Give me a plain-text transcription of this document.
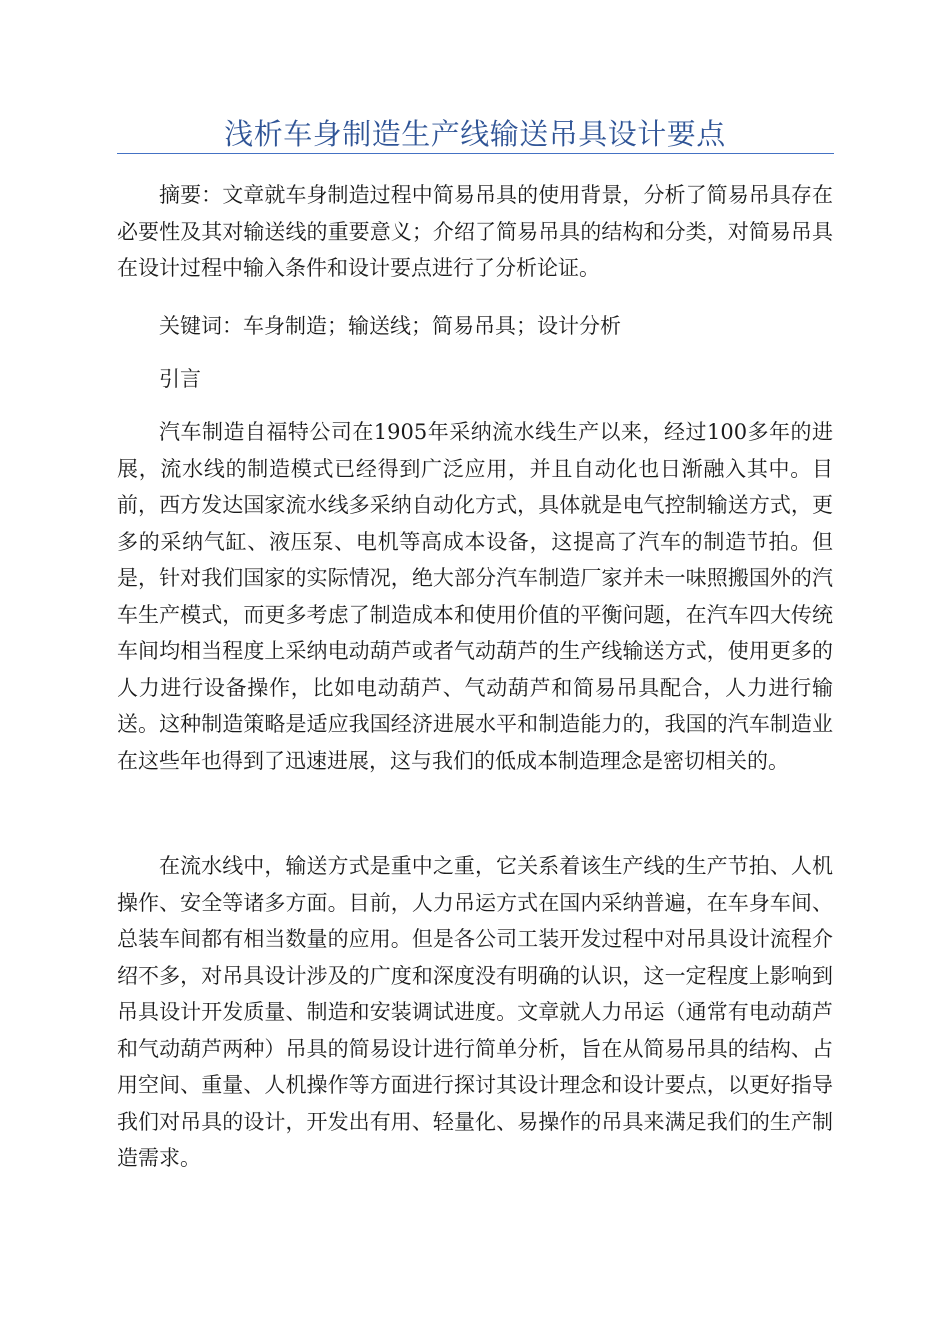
浅析车身制造生产线输送吊具设计要点

摘要：文章就车身制造过程中简易吊具的使用背景，分析了简易吊具存在必要性及其对输送线的重要意义；介绍了简易吊具的结构和分类，对简易吊具在设计过程中输入条件和设计要点进行了分析论证。

关键词：车身制造；输送线；简易吊具；设计分析

引言

汽车制造自福特公司在1905年采纳流水线生产以来，经过100多年的进展，流水线的制造模式已经得到广泛应用，并且自动化也日渐融入其中。目前，西方发达国家流水线多采纳自动化方式，具体就是电气控制输送方式，更多的采纳气缸、液压泵、电机等高成本设备，这提高了汽车的制造节拍。但是，针对我们国家的实际情况，绝大部分汽车制造厂家并未一味照搬国外的汽车生产模式，而更多考虑了制造成本和使用价值的平衡问题，在汽车四大传统车间均相当程度上采纳电动葫芦或者气动葫芦的生产线输送方式，使用更多的人力进行设备操作，比如电动葫芦、气动葫芦和简易吊具配合，人力进行输送。这种制造策略是适应我国经济进展水平和制造能力的，我国的汽车制造业在这些年也得到了迅速进展，这与我们的低成本制造理念是密切相关的。

在流水线中，输送方式是重中之重，它关系着该生产线的生产节拍、人机操作、安全等诸多方面。目前，人力吊运方式在国内采纳普遍，在车身车间、总装车间都有相当数量的应用。但是各公司工装开发过程中对吊具设计流程介绍不多，对吊具设计涉及的广度和深度没有明确的认识，这一定程度上影响到吊具设计开发质量、制造和安装调试进度。文章就人力吊运（通常有电动葫芦和气动葫芦两种）吊具的简易设计进行简单分析，旨在从简易吊具的结构、占用空间、重量、人机操作等方面进行探讨其设计理念和设计要点，以更好指导我们对吊具的设计，开发出有用、轻量化、易操作的吊具来满足我们的生产制造需求。
